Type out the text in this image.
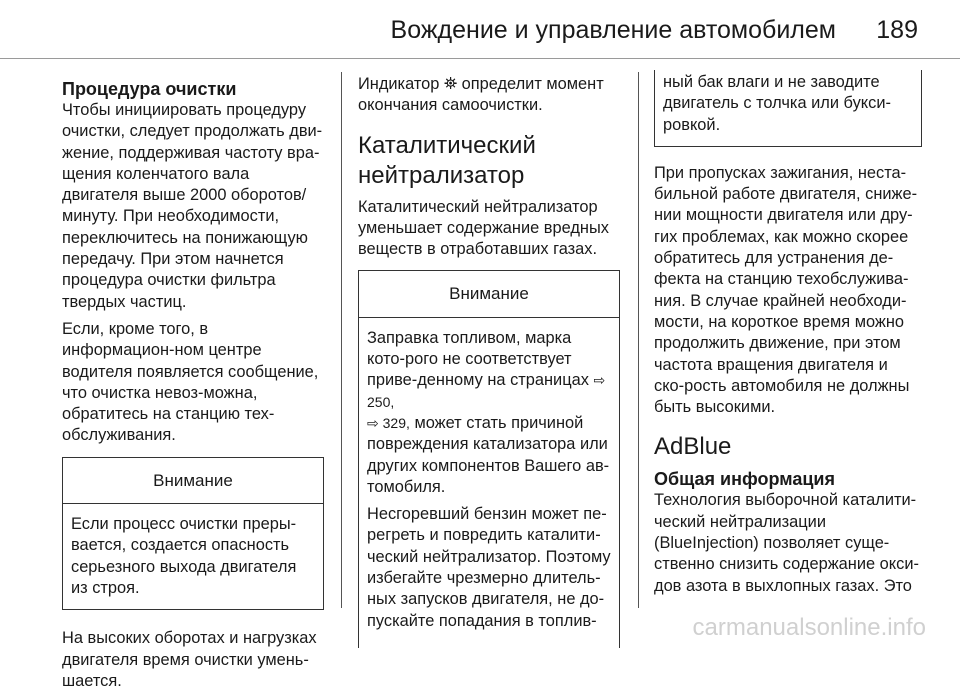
Вождение и управление автомобилем 189
Процедура очистки

Чтобы инициировать процедуру очистки, следует продолжать дви-жение, поддерживая частоту вра-щения коленчатого вала двигателя выше 2000 оборотов/минуту. При необходимости, переключитесь на понижающую передачу. При этом начнется процедура очистки фильтра твердых частиц.

Если, кроме того, в информацион-ном центре водителя появляется сообщение, что очистка невоз-можна, обратитесь на станцию тех-обслуживания.

Внимание

Если процесс очистки преры-вается, создается опасность серьезного выхода двигателя из строя.

На высоких оборотах и нагрузках двигателя время очистки умень-шается.

Индикатор ⛯ определит момент окончания самоочистки.

Каталитический нейтрализатор

Каталитический нейтрализатор уменьшает содержание вредных веществ в отработавших газах.

Внимание

Заправка топливом, марка кото-рого не соответствует приве-денному на страницах ⇨ 250,
⇨ 329, может стать причиной повреждения катализатора или других компонентов Вашего ав-томобиля.

Несгоревший бензин может пе-регреть и повредить каталити-ческий нейтрализатор. Поэтому избегайте чрезмерно длитель-ных запусков двигателя, не до-пускайте попадания в топлив-

ный бак влаги и не заводите двигатель с толчка или букси-ровкой.

При пропусках зажигания, неста-бильной работе двигателя, сниже-нии мощности двигателя или дру-гих проблемах, как можно скорее обратитесь для устранения де-фекта на станцию техобслужива-ния. В случае крайней необходи-мости, на короткое время можно продолжить движение, при этом частота вращения двигателя и ско-рость автомобиля не должны быть высокими.

AdBlue
Общая информация

Технология выборочной каталити-ческий нейтрализации (BlueInjection) позволяет суще-ственно снизить содержание окси-дов азота в выхлопных газах. Это

carmanualsonline.info
